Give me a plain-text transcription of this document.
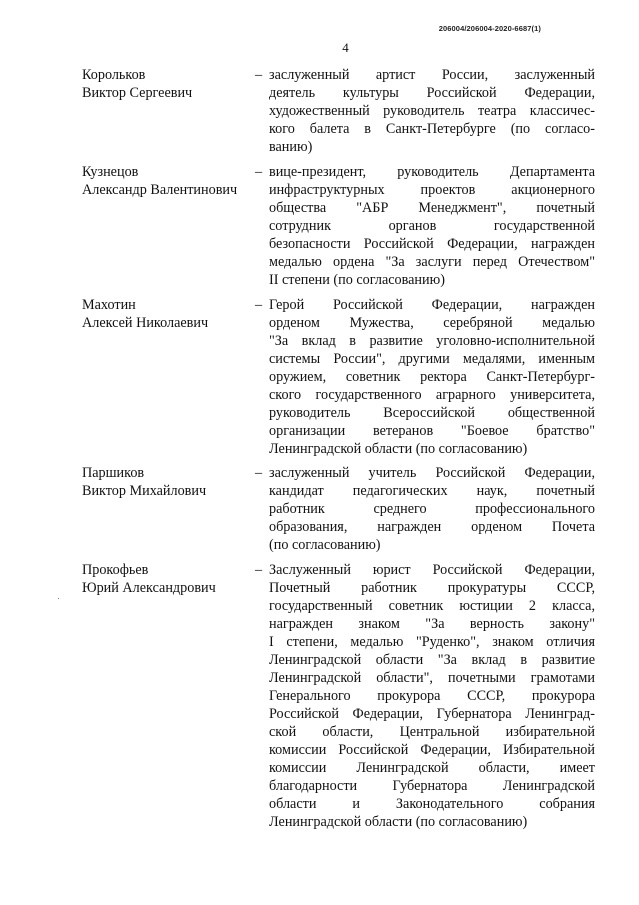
206004/206004-2020-6687(1)
4
Корольков
Виктор Сергеевич
– заслуженный артист России, заслуженный
деятель культуры Российской Федерации,
художественный руководитель театра классичес-
кого балета в Санкт-Петербурге (по согласо-
ванию)
Кузнецов
Александр Валентинович
– вице-президент, руководитель Департамента
инфраструктурных проектов акционерного
общества "АБР Менеджмент", почетный
сотрудник органов государственной
безопасности Российской Федерации, награжден
медалью ордена "За заслуги перед Отечеством"
II степени (по согласованию)
Махотин
Алексей Николаевич
– Герой Российской Федерации, награжден
орденом Мужества, серебряной медалью
"За вклад в развитие уголовно-исполнительной
системы России", другими медалями, именным
оружием, советник ректора Санкт-Петербург-
ского государственного аграрного университета,
руководитель Всероссийской общественной
организации ветеранов "Боевое братство"
Ленинградской области (по согласованию)
Паршиков
Виктор Михайлович
– заслуженный учитель Российской Федерации,
кандидат педагогических наук, почетный
работник среднего профессионального
образования, награжден орденом Почета
(по согласованию)
Прокофьев
Юрий Александрович
– Заслуженный юрист Российской Федерации,
Почетный работник прокуратуры СССР,
государственный советник юстиции 2 класса,
награжден знаком "За верность закону"
I степени, медалью "Руденко", знаком отличия
Ленинградской области "За вклад в развитие
Ленинградской области", почетными грамотами
Генерального прокурора СССР, прокурора
Российской Федерации, Губернатора Ленинград-
ской области, Центральной избирательной
комиссии Российской Федерации, Избирательной
комиссии Ленинградской области, имеет
благодарности Губернатора Ленинградской
области и Законодательного собрания
Ленинградской области (по согласованию)
